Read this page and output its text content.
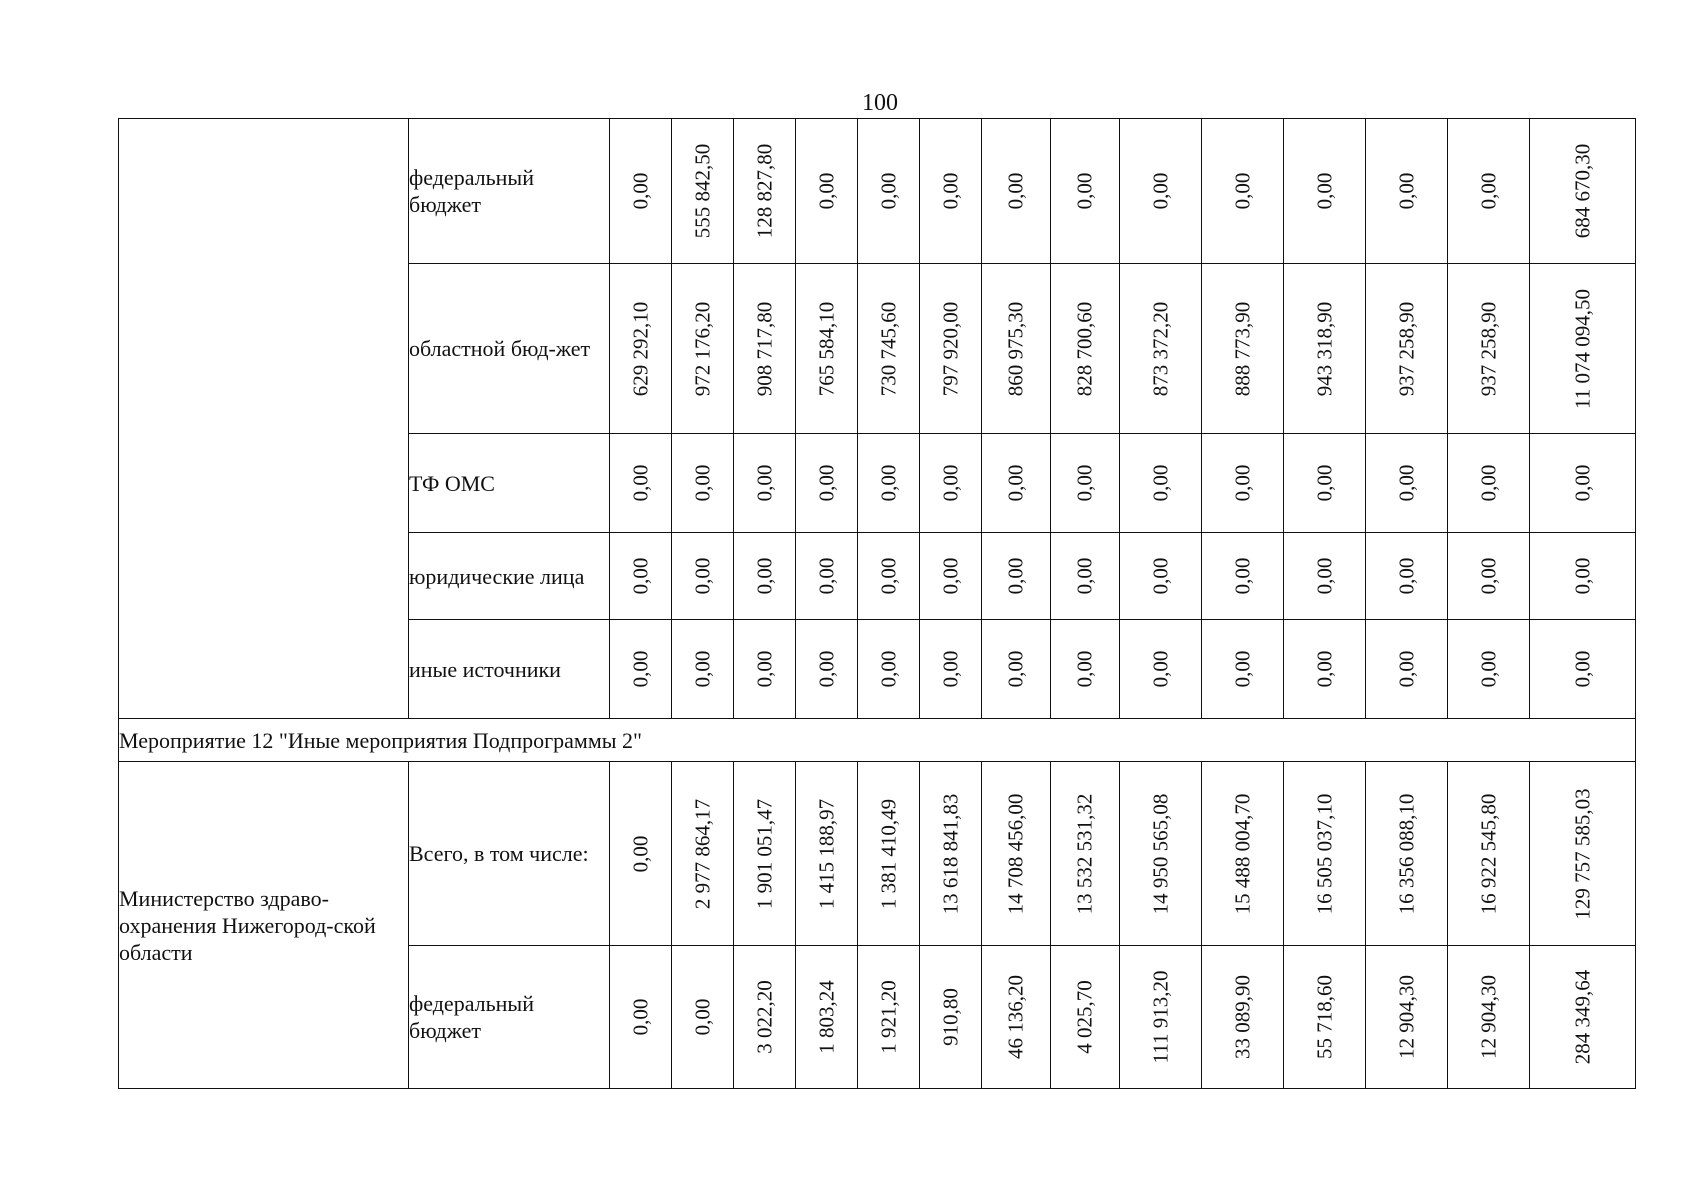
100
	федеральный бюджет	0,00	555 842,50	128 827,80	0,00	0,00	0,00	0,00	0,00	0,00	0,00	0,00	0,00	0,00	684 670,30

	областной бюд-жет	629 292,10	972 176,20	908 717,80	765 584,10	730 745,60	797 920,00	860 975,30	828 700,60	873 372,20	888 773,90	943 318,90	937 258,90	937 258,90	11 074 094,50

	ТФ ОМС	0,00	0,00	0,00	0,00	0,00	0,00	0,00	0,00	0,00	0,00	0,00	0,00	0,00	0,00

	юридические лица	0,00	0,00	0,00	0,00	0,00	0,00	0,00	0,00	0,00	0,00	0,00	0,00	0,00	0,00

	иные источники	0,00	0,00	0,00	0,00	0,00	0,00	0,00	0,00	0,00	0,00	0,00	0,00	0,00	0,00

Мероприятие 12 "Иные мероприятия Подпрограммы 2"															
Министерство здраво-охранения Нижегород-ской области	Всего, в том числе:	0,00	2 977 864,17	1 901 051,47	1 415 188,97	1 381 410,49	13 618 841,83	14 708 456,00	13 532 531,32	14 950 565,08	15 488 004,70	16 505 037,10	16 356 088,10	16 922 545,80	129 757 585,03

	федеральный бюджет	0,00	0,00	3 022,20	1 803,24	1 921,20	910,80	46 136,20	4 025,70	111 913,20	33 089,90	55 718,60	12 904,30	12 904,30	284 349,64
